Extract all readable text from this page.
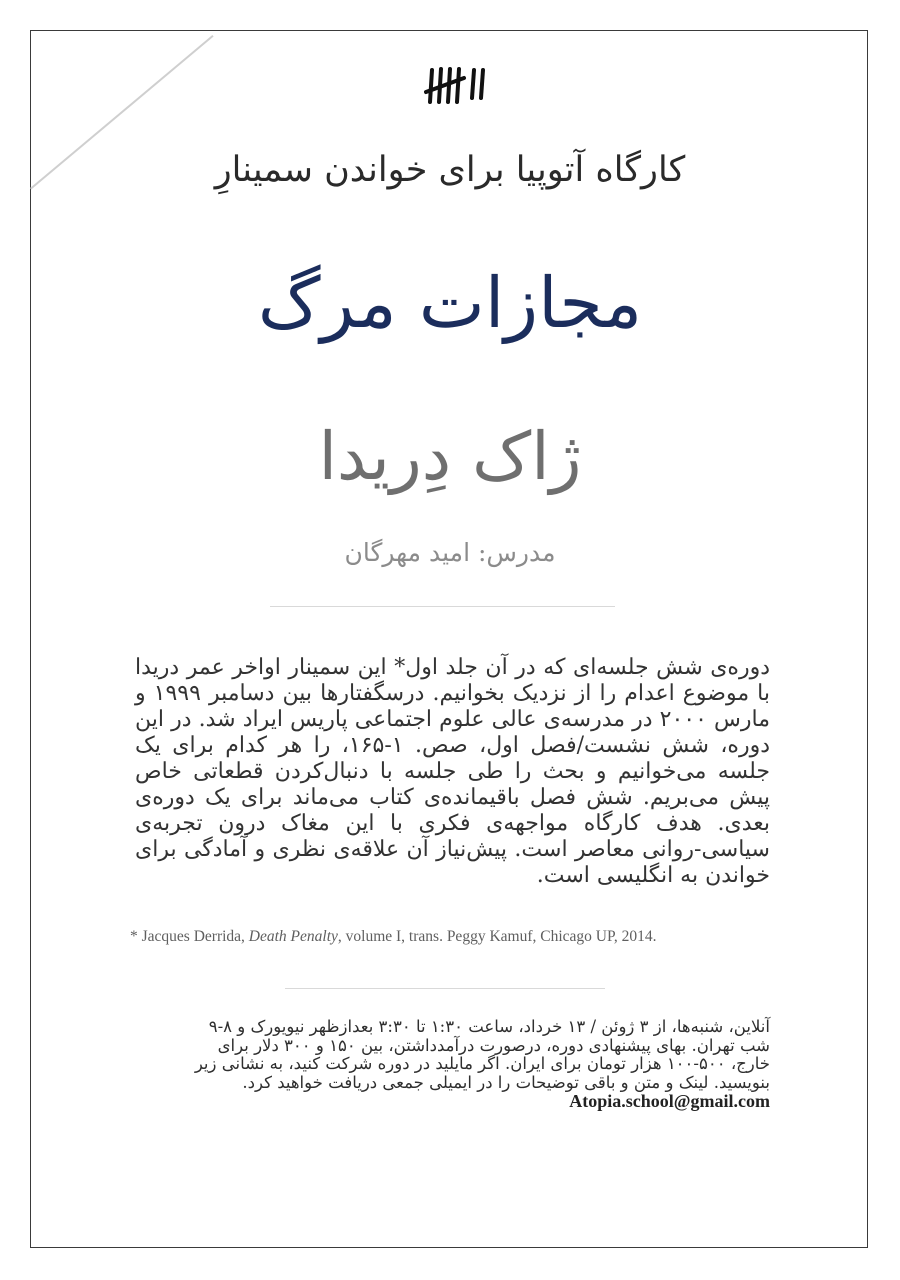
کارگاه آتوپیا برای خواندن سمینارِ
مجازات مرگ
ژاک دِریدا
مدرس: امید مهرگان
دوره‌ی شش جلسه‌ای که در آن جلد اول* این سمینار اواخر عمر دریدا با موضوع اعدام را از نزدیک بخوانیم. درسگفتارها بین دسامبر ۱۹۹۹ و مارس ۲۰۰۰ در مدرسه‌ی عالی علوم اجتماعی پاریس ایراد شد. در این دوره، شش نشست/فصل اول، صص. ۱-۱۶۵، را هر کدام برای یک جلسه می‌خوانیم و بحث را طی جلسه با دنبال‌کردن قطعاتی خاص پیش می‌بریم. شش فصل باقیمانده‌ی کتاب می‌ماند برای یک دوره‌ی بعدی. هدف کارگاه مواجهه‌ی فکری با این مغاک درون تجربه‌ی سیاسی-روانی معاصر است. پیش‌نیاز آن علاقه‌ی نظری و آمادگی برای خواندن به انگلیسی است.
* Jacques Derrida, Death Penalty, volume I, trans. Peggy Kamuf, Chicago UP, 2014.
آنلاین، شنبه‌ها، از ۳ ژوئن / ۱۳ خرداد، ساعت ۱:۳۰ تا ۳:۳۰ بعدازظهر نیویورک و ۸-۹ شب تهران. بهای پیشنهادی دوره، درصورت درآمدداشتن، بین ۱۵۰ و ۳۰۰ دلار برای خارج، ۵۰۰-۱۰۰ هزار تومان برای ایران. اگر مایلید در دوره شرکت کنید، به نشانی زیر بنویسید. لینک و متن و باقی توضیحات را در ایمیلی جمعی دریافت خواهید کرد. Atopia.school@gmail.com
